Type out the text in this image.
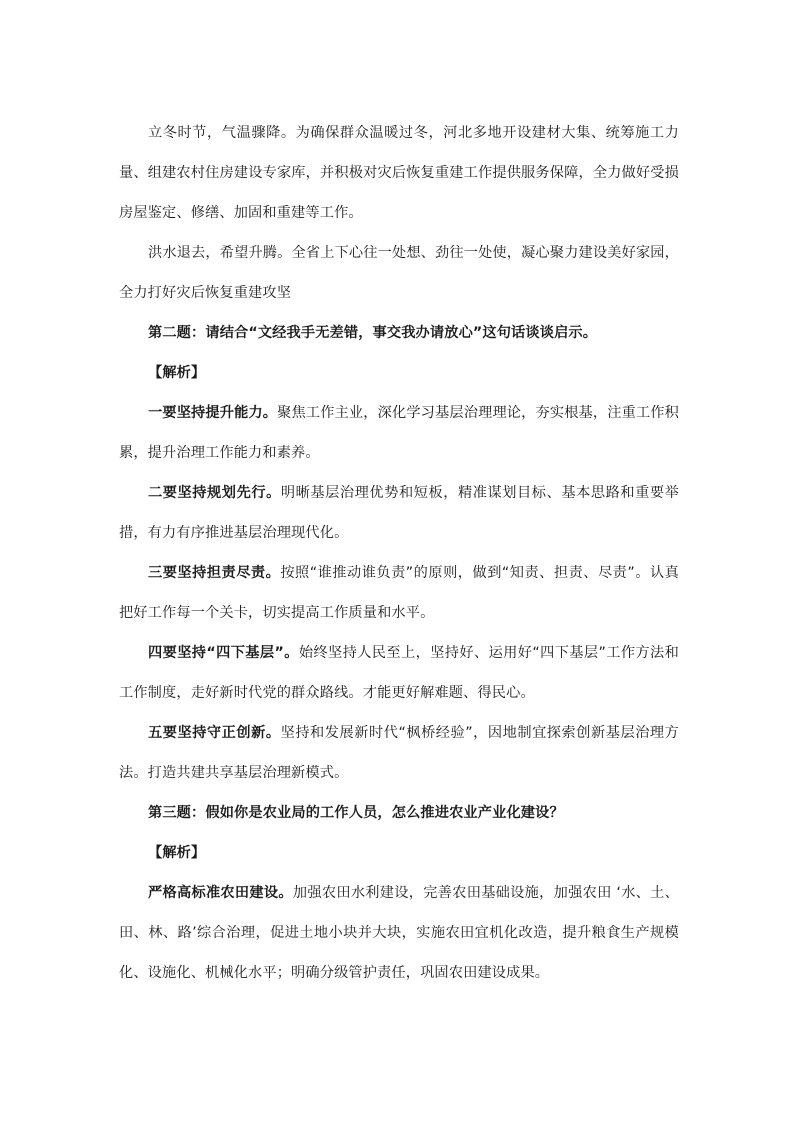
立冬时节，气温骤降。为确保群众温暖过冬，河北多地开设建材大集、统筹施工力量、组建农村住房建设专家库，并积极对灾后恢复重建工作提供服务保障，全力做好受损房屋鉴定、修缮、加固和重建等工作。

洪水退去，希望升腾。全省上下心往一处想、劲往一处使，凝心聚力建设美好家园，全力打好灾后恢复重建攻坚

第二题：请结合“文经我手无差错，事交我办请放心”这句话谈谈启示。

【解析】

一要坚持提升能力。聚焦工作主业，深化学习基层治理理论，夯实根基，注重工作积累，提升治理工作能力和素养。

二要坚持规划先行。明晰基层治理优势和短板，精准谋划目标、基本思路和重要举措，有力有序推进基层治理现代化。

三要坚持担责尽责。按照“谁推动谁负责”的原则，做到“知责、担责、尽责”。认真把好工作每一个关卡，切实提高工作质量和水平。

四要坚持“四下基层”。始终坚持人民至上，坚持好、运用好“四下基层”工作方法和工作制度，走好新时代党的群众路线。才能更好解难题、得民心。

五要坚持守正创新。坚持和发展新时代“枫桥经验”，因地制宜探索创新基层治理方法。打造共建共享基层治理新模式。

第三题：假如你是农业局的工作人员，怎么推进农业产业化建设？

【解析】

严格高标准农田建设。加强农田水利建设，完善农田基础设施，加强农田 ‘水、土、田、林、路’综合治理，促进土地小块并大块，实施农田宜机化改造，提升粮食生产规模化、设施化、机械化水平；明确分级管护责任，巩固农田建设成果。
